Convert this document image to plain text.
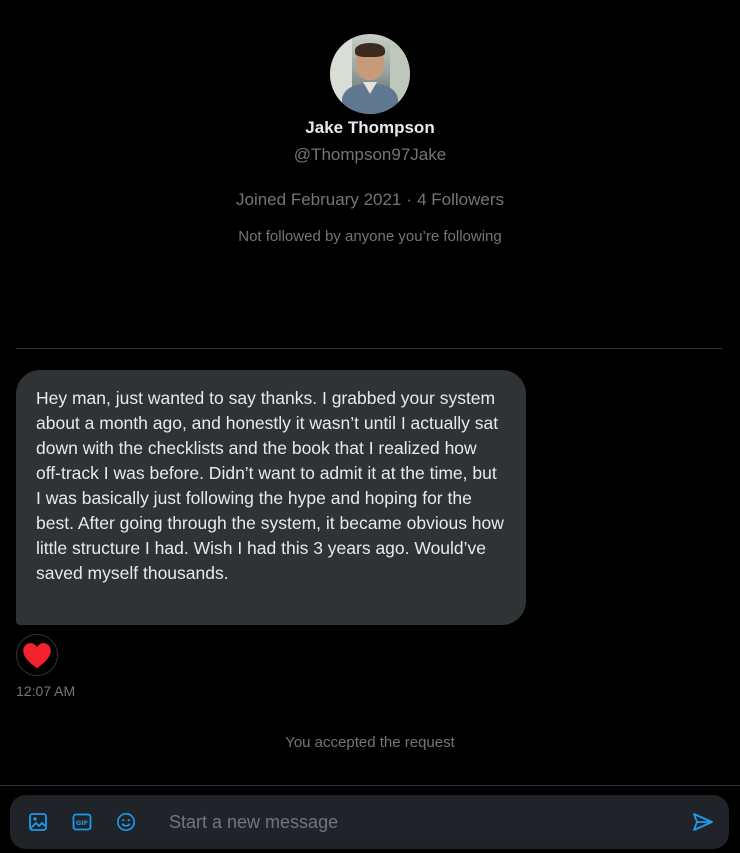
Jake Thompson
@Thompson97Jake
Joined February 2021 · 4 Followers
Not followed by anyone you’re following
Hey man, just wanted to say thanks. I grabbed your system about a month ago, and honestly it wasn’t until I actually sat down with the checklists and the book that I realized how off-track I was before. Didn’t want to admit it at the time, but I was basically just following the hype and hoping for the best. After going through the system, it became obvious how little structure I had. Wish I had this 3 years ago. Would’ve saved myself thousands.
12:07 AM
You accepted the request
GIF
Start a new message
